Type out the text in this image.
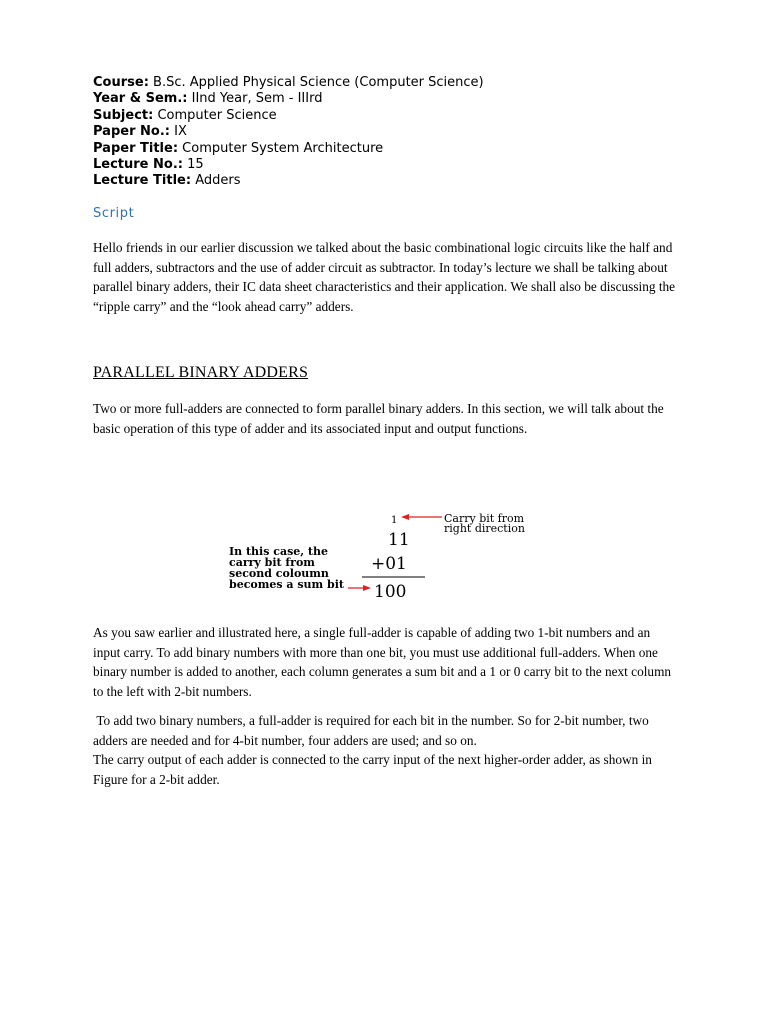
Course: B.Sc. Applied Physical Science (Computer Science)
Year & Sem.: IInd Year, Sem - IIIrd
Subject: Computer Science
Paper No.: IX
Paper Title: Computer System Architecture
Lecture No.: 15
Lecture Title: Adders
Script

Hello friends in our earlier discussion we talked about the basic combinational logic circuits like the half and full adders, subtractors and the use of adder circuit as subtractor. In today’s lecture we shall be talking about parallel binary adders, their IC data sheet characteristics and their application. We shall also be discussing the “ripple carry” and the “look ahead carry” adders.

PARALLEL BINARY ADDERS

Two or more full-adders are connected to form parallel binary adders. In this section, we will talk about the basic operation of this type of adder and its associated input and output functions.

1	Carry bit from
right direction
11
+01
100
In this case, the
carry bit from
second coloumn
becomes a sum bit

As you saw earlier and illustrated here, a single full-adder is capable of adding two 1-bit numbers and an input carry. To add binary numbers with more than one bit, you must use additional full-adders. When one binary number is added to another, each column generates a sum bit and a 1 or 0 carry bit to the next column to the left with 2-bit numbers.

To add two binary numbers, a full-adder is required for each bit in the number. So for 2-bit number, two adders are needed and for 4-bit number, four adders are used; and so on.
The carry output of each adder is connected to the carry input of the next higher-order adder, as shown in Figure for a 2-bit adder.
